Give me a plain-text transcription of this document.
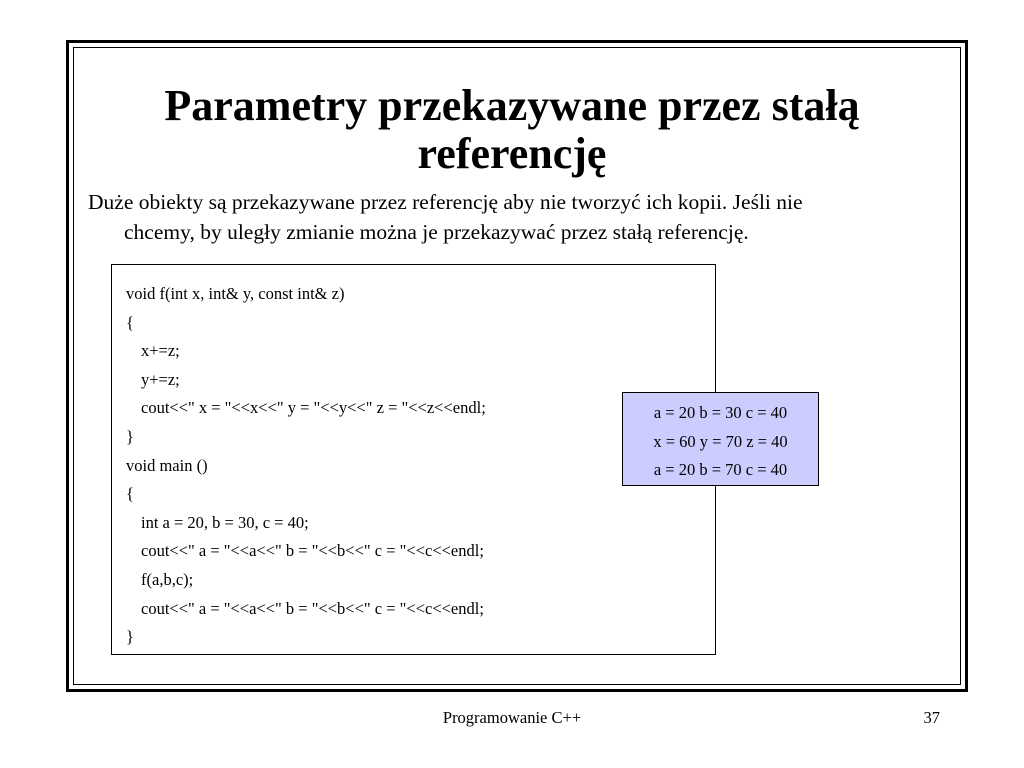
Parametry przekazywane przez stałą
referencję

Duże obiekty są przekazywane przez referencję aby nie tworzyć ich kopii. Jeśli nie
chcemy, by uległy zmianie można je przekazywać przez stałą referencję.

void f(int x, int& y, const int& z)
{
x+=z;
y+=z;
cout<<" x = "<<x<<" y = "<<y<<" z = "<<z<<endl;
}
void main ()
{
int a = 20, b = 30, c = 40;
cout<<" a = "<<a<<" b = "<<b<<" c = "<<c<<endl;
f(a,b,c);
cout<<" a = "<<a<<" b = "<<b<<" c = "<<c<<endl;
}
a = 20 b = 30 c = 40
x = 60 y = 70 z = 40
a = 20 b = 70 c = 40
Programowanie C++	37
